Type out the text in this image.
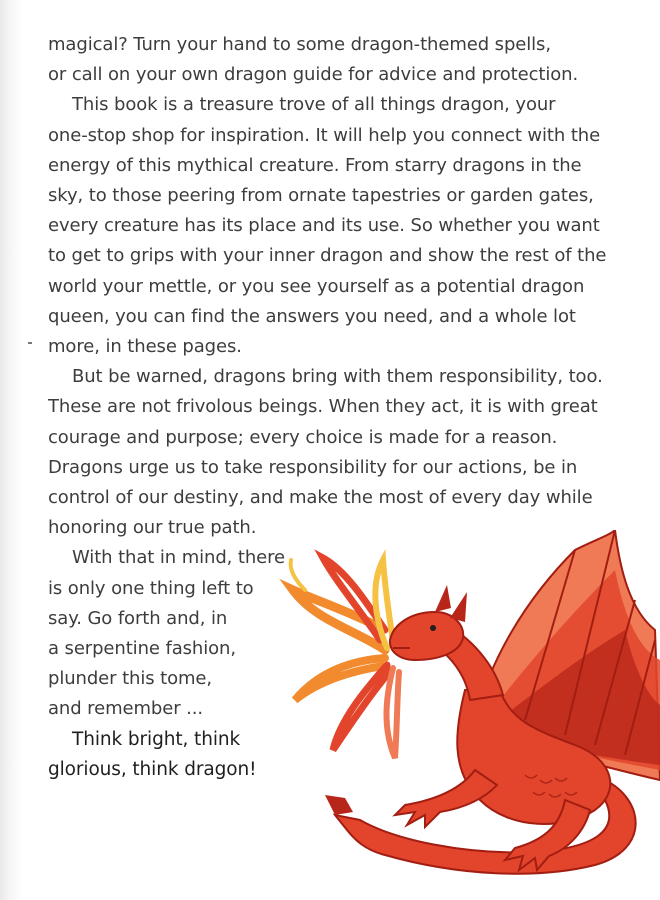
magical? Turn your hand to some dragon-themed spells,
or call on your own dragon guide for advice and protection.
This book is a treasure trove of all things dragon, your
one-stop shop for inspiration. It will help you connect with the
energy of this mythical creature. From starry dragons in the
sky, to those peering from ornate tapestries or garden gates,
every creature has its place and its use. So whether you want
to get to grips with your inner dragon and show the rest of the
world your mettle, or you see yourself as a potential dragon
queen, you can find the answers you need, and a whole lot
more, in these pages.
But be warned, dragons bring with them responsibility, too.
These are not frivolous beings. When they act, it is with great
courage and purpose; every choice is made for a reason.
Dragons urge us to take responsibility for our actions, be in
control of our destiny, and make the most of every day while
honoring our true path.
With that in mind, there
is only one thing left to
say. Go forth and, in
a serpentine fashion,
plunder this tome,
and remember ...
Think bright, think
glorious, think dragon!
